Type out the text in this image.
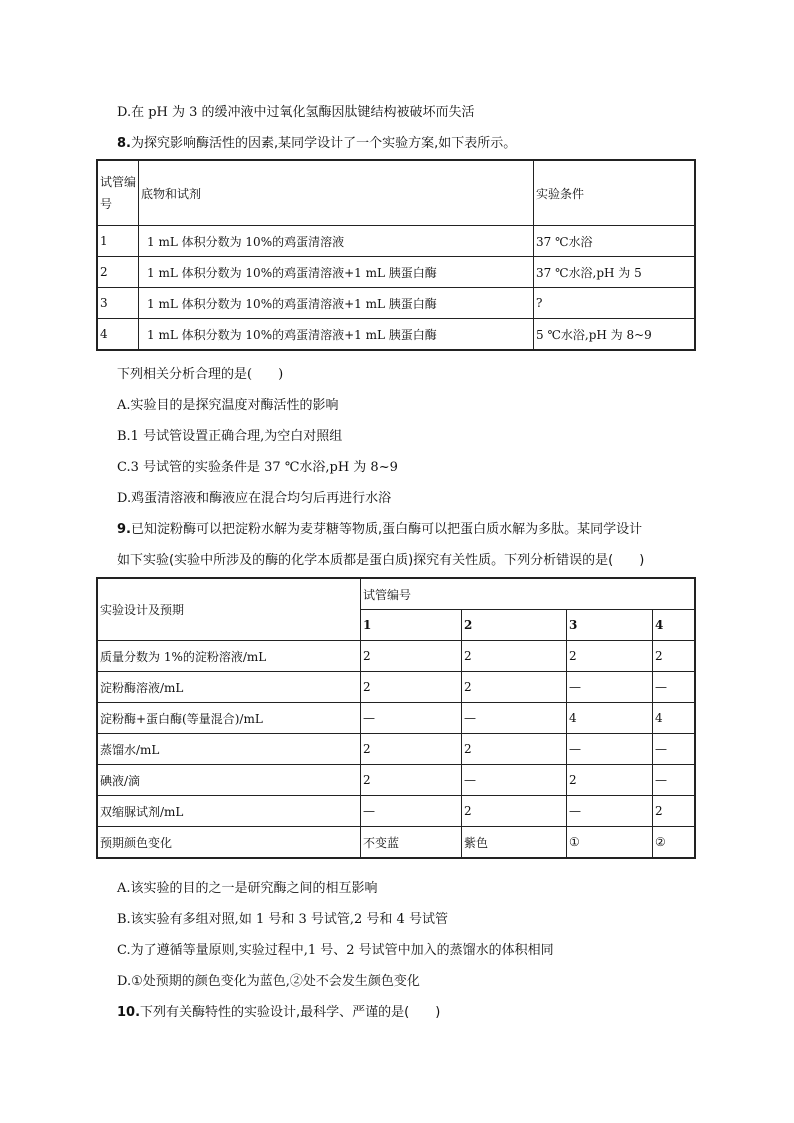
D.在 pH 为 3 的缓冲液中过氧化氢酶因肽键结构被破坏而失活
8.为探究影响酶活性的因素,某同学设计了一个实验方案,如下表所示。
试管编号	底物和试剂	实验条件
1	1 mL 体积分数为 10%的鸡蛋清溶液	37 ℃水浴
2	1 mL 体积分数为 10%的鸡蛋清溶液+1 mL 胰蛋白酶	37 ℃水浴,pH 为 5
3	1 mL 体积分数为 10%的鸡蛋清溶液+1 mL 胰蛋白酶	?
4	1 mL 体积分数为 10%的鸡蛋清溶液+1 mL 胰蛋白酶	5 ℃水浴,pH 为 8~9
下列相关分析合理的是(　　)
A.实验目的是探究温度对酶活性的影响
B.1 号试管设置正确合理,为空白对照组
C.3 号试管的实验条件是 37 ℃水浴,pH 为 8~9
D.鸡蛋清溶液和酶液应在混合均匀后再进行水浴
9.已知淀粉酶可以把淀粉水解为麦芽糖等物质,蛋白酶可以把蛋白质水解为多肽。某同学设计
如下实验(实验中所涉及的酶的化学本质都是蛋白质)探究有关性质。下列分析错误的是(　　)
实验设计及预期	试管编号			
	1	2	3	4
质量分数为 1%的淀粉溶液/mL	2	2	2	2
淀粉酶溶液/mL	2	2	—	—
淀粉酶+蛋白酶(等量混合)/mL	—	—	4	4
蒸馏水/mL	2	2	—	—
碘液/滴	2	—	2	—
双缩脲试剂/mL	—	2	—	2
预期颜色变化	不变蓝	紫色	①	②
A.该实验的目的之一是研究酶之间的相互影响
B.该实验有多组对照,如 1 号和 3 号试管,2 号和 4 号试管
C.为了遵循等量原则,实验过程中,1 号、2 号试管中加入的蒸馏水的体积相同
D.①处预期的颜色变化为蓝色,②处不会发生颜色变化
10.下列有关酶特性的实验设计,最科学、严谨的是(　　)
